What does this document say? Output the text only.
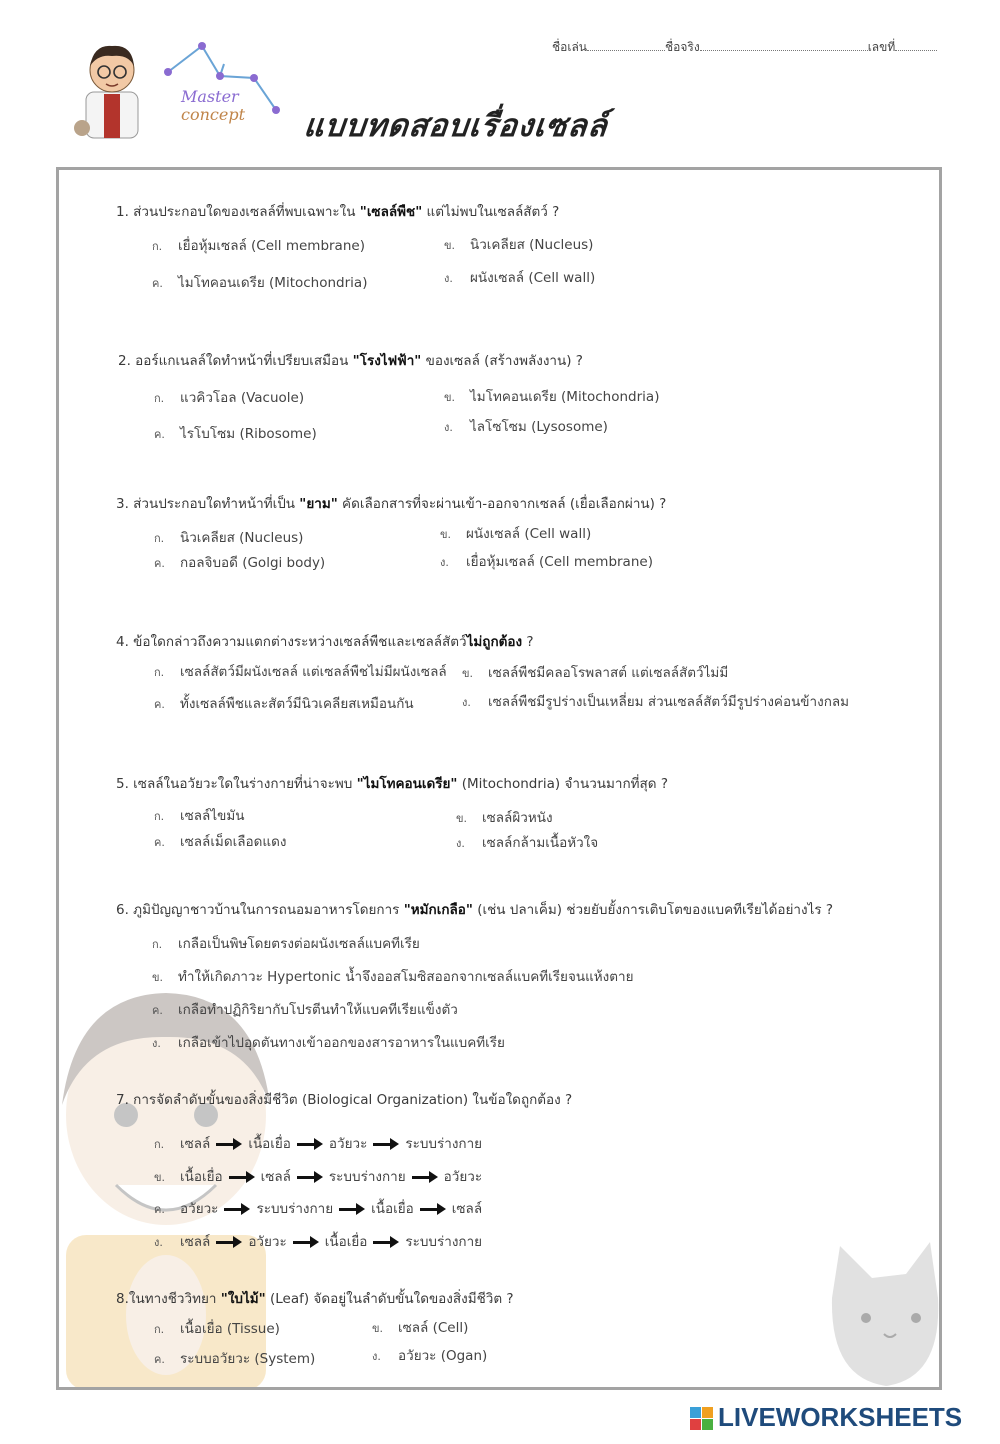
ชื่อเล่น	ชื่อจริง	เลขที่
Master
concept แบบทดสอบเรื่องเซลล์
1. ส่วนประกอบใดของเซลล์ที่พบเฉพาะใน "เซลล์พืช" แต่ไม่พบในเซลล์สัตว์ ?
ก. เยื่อหุ้มเซลล์ (Cell membrane)	ข. นิวเคลียส (Nucleus)
ค. ไมโทคอนเดรีย (Mitochondria)	ง. ผนังเซลล์ (Cell wall)
2. ออร์แกเนลล์ใดทำหน้าที่เปรียบเสมือน "โรงไฟฟ้า" ของเซลล์ (สร้างพลังงาน) ?
ก. แวคิวโอล (Vacuole)	ข. ไมโทคอนเดรีย (Mitochondria)
ค. ไรโบโซม (Ribosome)	ง. ไลโซโซม (Lysosome)
3. ส่วนประกอบใดทำหน้าที่เป็น "ยาม" คัดเลือกสารที่จะผ่านเข้า-ออกจากเซลล์ (เยื่อเลือกผ่าน) ?
ก. นิวเคลียส (Nucleus)	ข. ผนังเซลล์ (Cell wall)
ค. กอลจิบอดี (Golgi body)	ง. เยื่อหุ้มเซลล์ (Cell membrane)
4. ข้อใดกล่าวถึงความแตกต่างระหว่างเซลล์พืชและเซลล์สัตว์ไม่ถูกต้อง ?
ก. เซลล์สัตว์มีผนังเซลล์ แต่เซลล์พืชไม่มีผนังเซลล์ ข. เซลล์พืชมีคลอโรพลาสต์ แต่เซลล์สัตว์ไม่มี
ค. ทั้งเซลล์พืชและสัตว์มีนิวเคลียสเหมือนกัน	ง. เซลล์พืชมีรูปร่างเป็นเหลี่ยม ส่วนเซลล์สัตว์มีรูปร่างค่อนข้างกลม
5. เซลล์ในอวัยวะใดในร่างกายที่น่าจะพบ "ไมโทคอนเดรีย" (Mitochondria) จำนวนมากที่สุด ?
ก. เซลล์ไขมัน	ข. เซลล์ผิวหนัง
ค. เซลล์เม็ดเลือดแดง	ง. เซลล์กล้ามเนื้อหัวใจ
6. ภูมิปัญญาชาวบ้านในการถนอมอาหารโดยการ "หมักเกลือ" (เช่น ปลาเค็ม) ช่วยยับยั้งการเติบโตของแบคทีเรียได้อย่างไร ?
ก. เกลือเป็นพิษโดยตรงต่อผนังเซลล์แบคทีเรีย
ข. ทำให้เกิดภาวะ Hypertonic น้ำจึงออสโมซิสออกจากเซลล์แบคทีเรียจนแห้งตาย
ค. เกลือทำปฏิกิริยากับโปรตีนทำให้แบคทีเรียแข็งตัว
ง. เกลือเข้าไปอุดตันทางเข้าออกของสารอาหารในแบคทีเรีย
7. การจัดลำดับขั้นของสิ่งมีชีวิต (Biological Organization) ในข้อใดถูกต้อง ?
ก. เซลล์	เนื้อเยื่อ	อวัยวะ	ระบบร่างกาย
ข. เนื้อเยื่อ	เซลล์	ระบบร่างกาย	อวัยวะ
ค. อวัยวะ	ระบบร่างกาย	เนื้อเยื่อ	เซลล์
ง. เซลล์	อวัยวะ	เนื้อเยื่อ	ระบบร่างกาย
8.ในทางชีววิทยา "ใบไม้" (Leaf) จัดอยู่ในลำดับขั้นใดของสิ่งมีชีวิต ?
ก. เนื้อเยื่อ (Tissue)	ข. เซลล์ (Cell)
ค. ระบบอวัยวะ (System)	ง. อวัยวะ (Ogan)
LIVEWORKSHEETS
